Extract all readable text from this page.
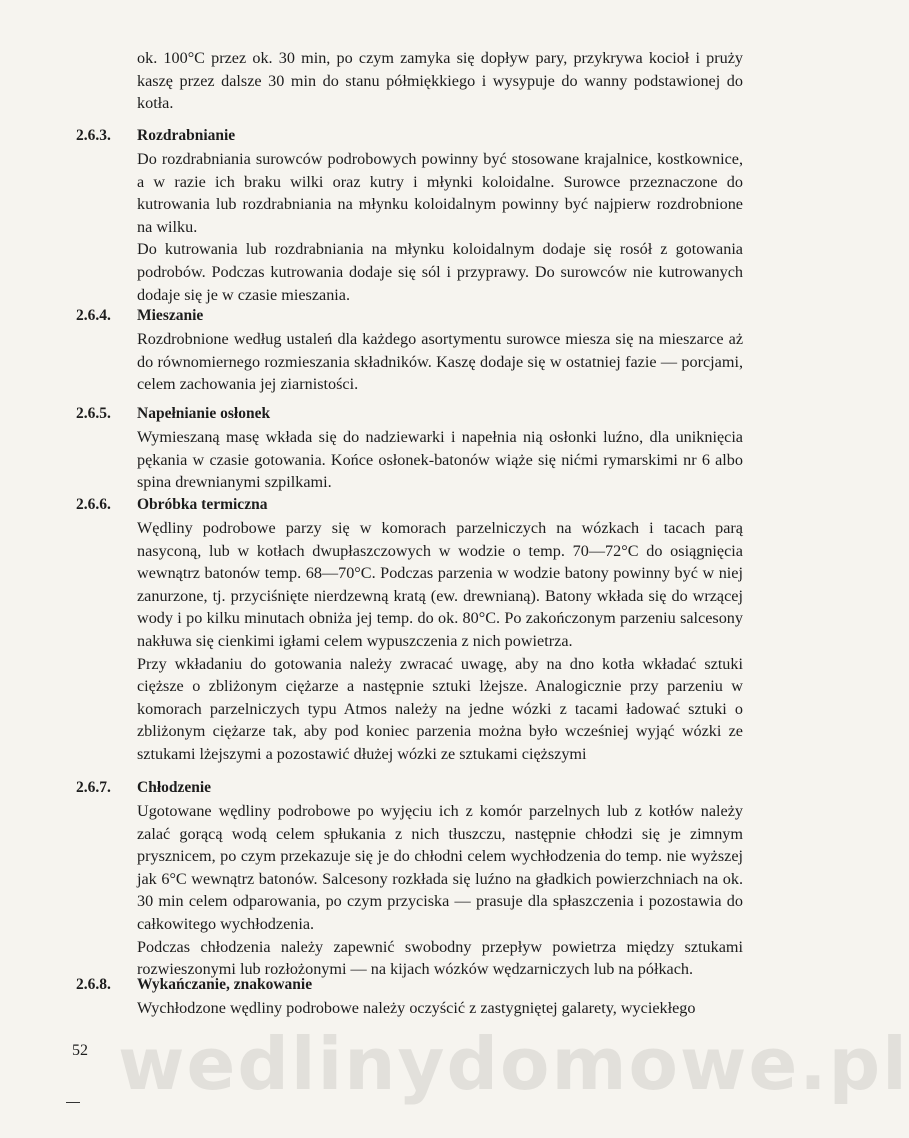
ok. 100°C przez ok. 30 min, po czym zamyka się dopływ pary, przykrywa kocioł i prużу kaszę przez dalsze 30 min do stanu półmiękkiego i wysypuje do wanny podstawionej do kotła.
2.6.3. Rozdrabnianie

Do rozdrabniania surowców podrobowych powinny być stosowane krajalnice, kostkownice, a w razie ich braku wilki oraz kutry i młynki koloidalne. Surowce przeznaczone do kutrowania lub rozdrabniania na młynku koloidalnym powinny być najpierw rozdrobnione na wilku.

Do kutrowania lub rozdrabniania na młynku koloidalnym dodaje się rosół z gotowania podrobów. Podczas kutrowania dodaje się sól i przyprawy. Do surowców nie kutrowanych dodaje się je w czasie mieszania.

2.6.4. Mieszanie

Rozdrobnione według ustaleń dla każdego asortymentu surowce miesza się na mieszarce aż do równomiernego rozmieszania składników. Kaszę dodaje się w ostatniej fazie — porcjami, celem zachowania jej ziarnistości.

2.6.5. Napełnianie osłonek

Wymieszaną masę wkłada się do nadziewarki i napełnia nią osłonki luźno, dla uniknięcia pękania w czasie gotowania. Końce osłonek-batonów wiąże się nićmi rymarskimi nr 6 albo spina drewnianymi szpilkami.

2.6.6. Obróbka termiczna

Wędliny podrobowe parzy się w komorach parzelniczych na wózkach i tacach parą nasyconą, lub w kotłach dwupłaszczowych w wodzie o temp. 70—72°C do osiągnięcia wewnątrz batonów temp. 68—70°C. Podczas parzenia w wodzie batony powinny być w niej zanurzone, tj. przyciśnięte nierdzewną kratą (ew. drewnianą). Batony wkłada się do wrzącej wody i po kilku minutach obniża jej temp. do ok. 80°C. Po zakończonym parzeniu salcesony nakłuwa się cienkimi igłami celem wypuszczenia z nich powietrza.

Przy wkładaniu do gotowania należy zwracać uwagę, aby na dno kotła wkładać sztuki cięższe o zbliżonym ciężarze a następnie sztuki lżejsze. Analogicznie przy parzeniu w komorach parzelniczych typu Atmos należy na jedne wózki z tacami ładować sztuki o zbliżonym ciężarze tak, aby pod koniec parzenia można było wcześniej wyjąć wózki ze sztukami lżejszymi a pozostawić dłużej wózki ze sztukami cięższymi

2.6.7. Chłodzenie

Ugotowane wędliny podrobowe po wyjęciu ich z komór parzelnych lub z kotłów należy zalać gorącą wodą celem spłukania z nich tłuszczu, następnie chłodzi się je zimnym prysznicem, po czym przekazuje się je do chłodni celem wychłodzenia do temp. nie wyższej jak 6°C wewnątrz batonów. Salcesony rozkłada się luźno na gładkich powierzchniach na ok. 30 min celem odparowania, po czym przyciska — prasuje dla spłaszczenia i pozostawia do całkowitego wychłodzenia.

Podczas chłodzenia należy zapewnić swobodny przepływ powietrza między sztukami rozwieszonymi lub rozłożonymi — na kijach wózków wędzarniczych lub na półkach.

2.6.8. Wykańczanie, znakowanie

Wychłodzone wędliny podrobowe należy oczyścić z zastygniętej galarety, wyciekłego

wedlinydomowe.pl
52
